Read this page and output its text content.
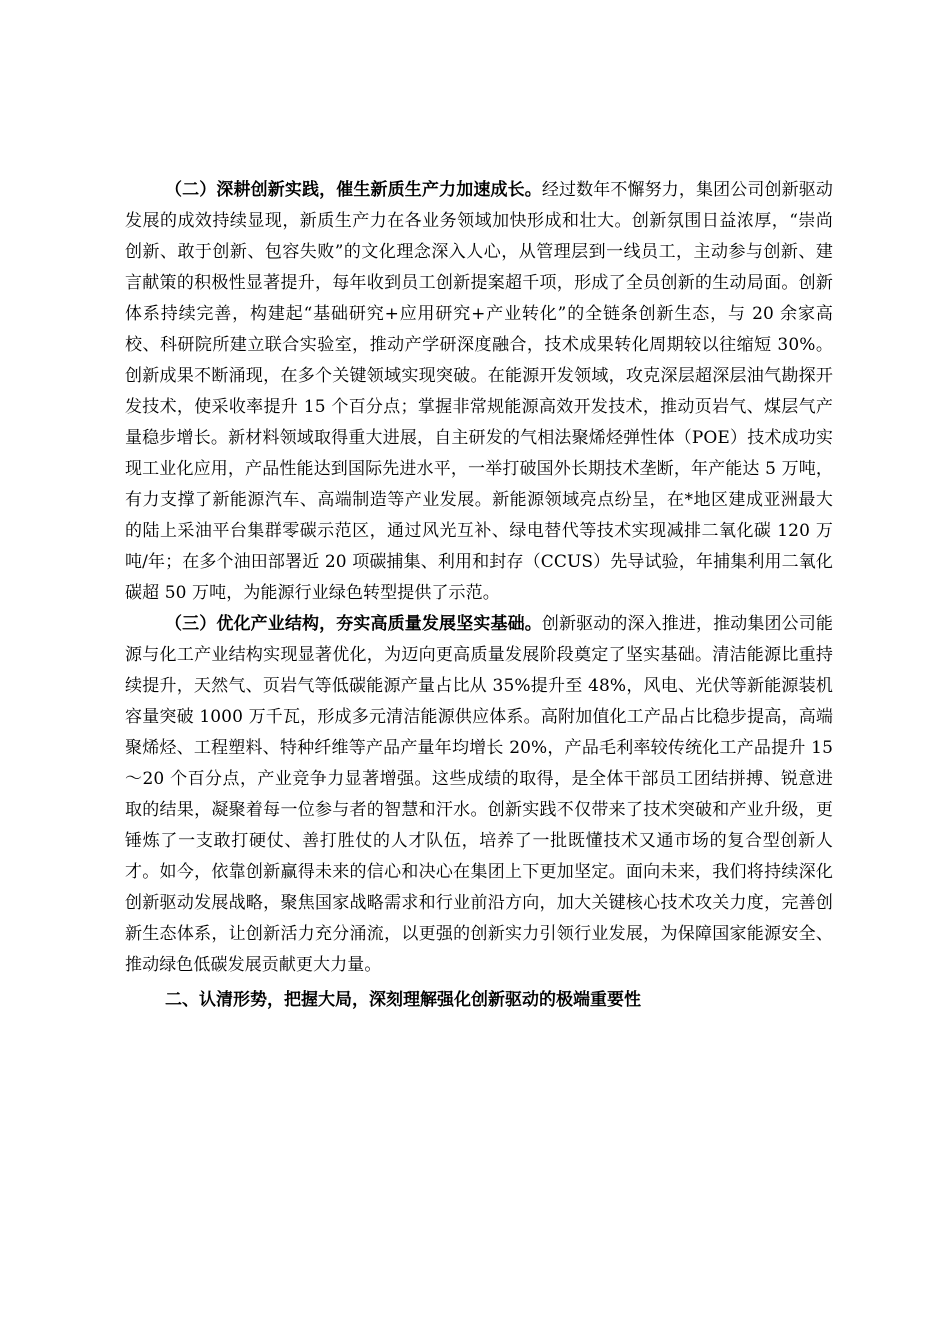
（二）深耕创新实践，催生新质生产力加速成长。经过数年不懈努力，集团公司创新驱动发展的成效持续显现，新质生产力在各业务领域加快形成和壮大。创新氛围日益浓厚，“崇尚创新、敢于创新、包容失败”的文化理念深入人心，从管理层到一线员工，主动参与创新、建言献策的积极性显著提升，每年收到员工创新提案超千项，形成了全员创新的生动局面。创新体系持续完善，构建起“基础研究+应用研究+产业转化”的全链条创新生态，与 20 余家高校、科研院所建立联合实验室，推动产学研深度融合，技术成果转化周期较以往缩短 30%。创新成果不断涌现，在多个关键领域实现突破。在能源开发领域，攻克深层超深层油气勘探开发技术，使采收率提升 15 个百分点；掌握非常规能源高效开发技术，推动页岩气、煤层气产量稳步增长。新材料领域取得重大进展，自主研发的气相法聚烯烃弹性体（POE）技术成功实现工业化应用，产品性能达到国际先进水平，一举打破国外长期技术垄断，年产能达 5 万吨，有力支撑了新能源汽车、高端制造等产业发展。新能源领域亮点纷呈，在*地区建成亚洲最大的陆上采油平台集群零碳示范区，通过风光互补、绿电替代等技术实现减排二氧化碳 120 万吨/年；在多个油田部署近 20 项碳捕集、利用和封存（CCUS）先导试验，年捕集利用二氧化碳超 50 万吨，为能源行业绿色转型提供了示范。

（三）优化产业结构，夯实高质量发展坚实基础。创新驱动的深入推进，推动集团公司能源与化工产业结构实现显著优化，为迈向更高质量发展阶段奠定了坚实基础。清洁能源比重持续提升，天然气、页岩气等低碳能源产量占比从 35%提升至 48%，风电、光伏等新能源装机容量突破 1000 万千瓦，形成多元清洁能源供应体系。高附加值化工产品占比稳步提高，高端聚烯烃、工程塑料、特种纤维等产品产量年均增长 20%，产品毛利率较传统化工产品提升 15～20 个百分点，产业竞争力显著增强。这些成绩的取得，是全体干部员工团结拼搏、锐意进取的结果，凝聚着每一位参与者的智慧和汗水。创新实践不仅带来了技术突破和产业升级，更锤炼了一支敢打硬仗、善打胜仗的人才队伍，培养了一批既懂技术又通市场的复合型创新人才。如今，依靠创新赢得未来的信心和决心在集团上下更加坚定。面向未来，我们将持续深化创新驱动发展战略，聚焦国家战略需求和行业前沿方向，加大关键核心技术攻关力度，完善创新生态体系，让创新活力充分涌流，以更强的创新实力引领行业发展，为保障国家能源安全、推动绿色低碳发展贡献更大力量。

二、认清形势，把握大局，深刻理解强化创新驱动的极端重要性
